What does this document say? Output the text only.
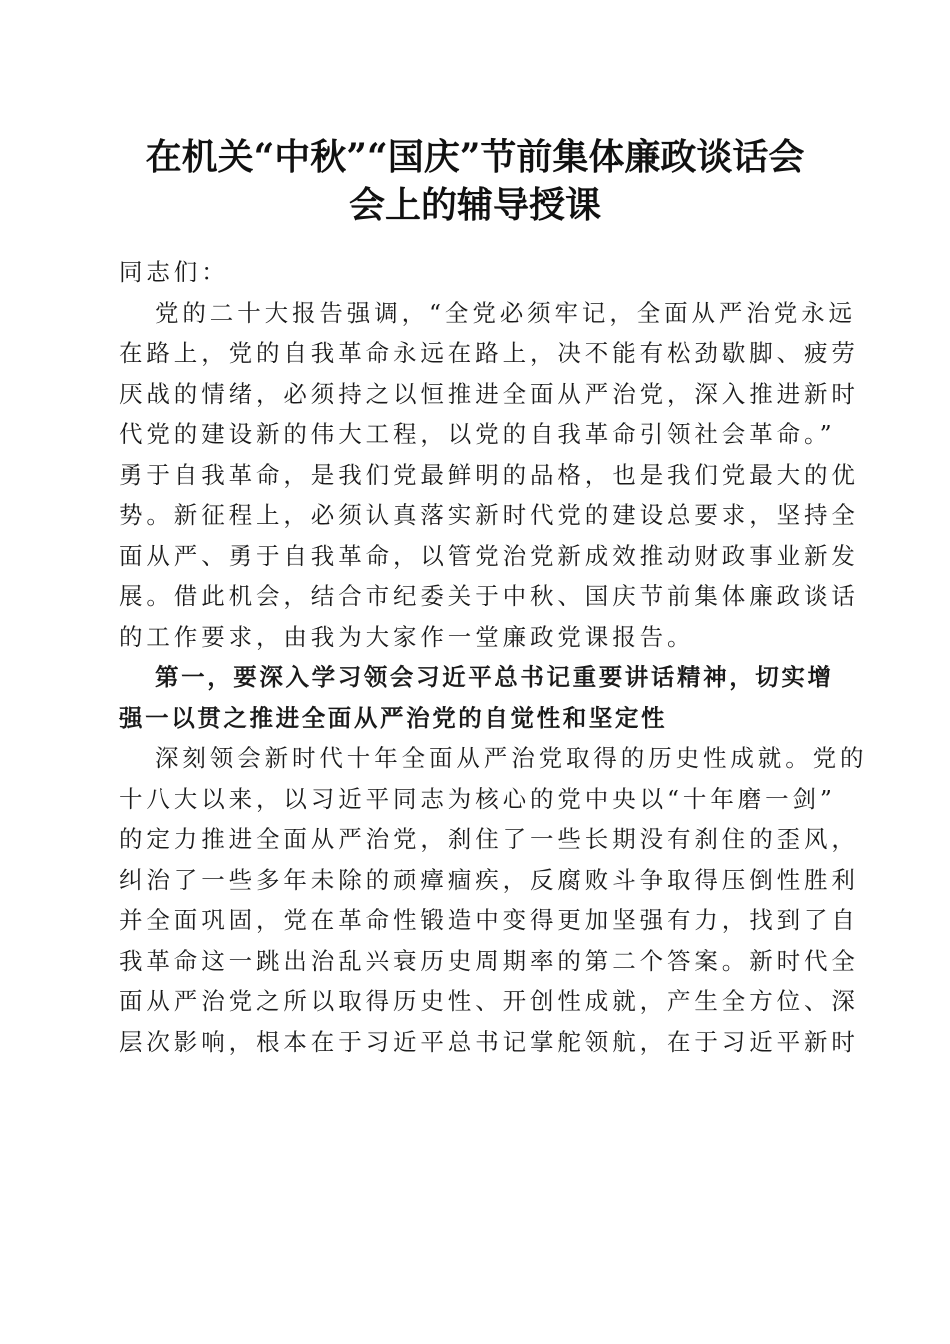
在机关“中秋”“国庆”节前集体廉政谈话会
会上的辅导授课
同志们：
党的二十大报告强调，“全党必须牢记，全面从严治党永远
在路上，党的自我革命永远在路上，决不能有松劲歇脚、疲劳
厌战的情绪，必须持之以恒推进全面从严治党，深入推进新时
代党的建设新的伟大工程，以党的自我革命引领社会革命。”
勇于自我革命，是我们党最鲜明的品格，也是我们党最大的优
势。新征程上，必须认真落实新时代党的建设总要求，坚持全
面从严、勇于自我革命，以管党治党新成效推动财政事业新发
展。借此机会，结合市纪委关于中秋、国庆节前集体廉政谈话
的工作要求，由我为大家作一堂廉政党课报告。
第一，要深入学习领会习近平总书记重要讲话精神，切实增
强一以贯之推进全面从严治党的自觉性和坚定性
深刻领会新时代十年全面从严治党取得的历史性成就。党的
十八大以来，以习近平同志为核心的党中央以“十年磨一剑”
的定力推进全面从严治党，刹住了一些长期没有刹住的歪风，
纠治了一些多年未除的顽瘴痼疾，反腐败斗争取得压倒性胜利
并全面巩固，党在革命性锻造中变得更加坚强有力，找到了自
我革命这一跳出治乱兴衰历史周期率的第二个答案。新时代全
面从严治党之所以取得历史性、开创性成就，产生全方位、深
层次影响，根本在于习近平总书记掌舵领航，在于习近平新时
